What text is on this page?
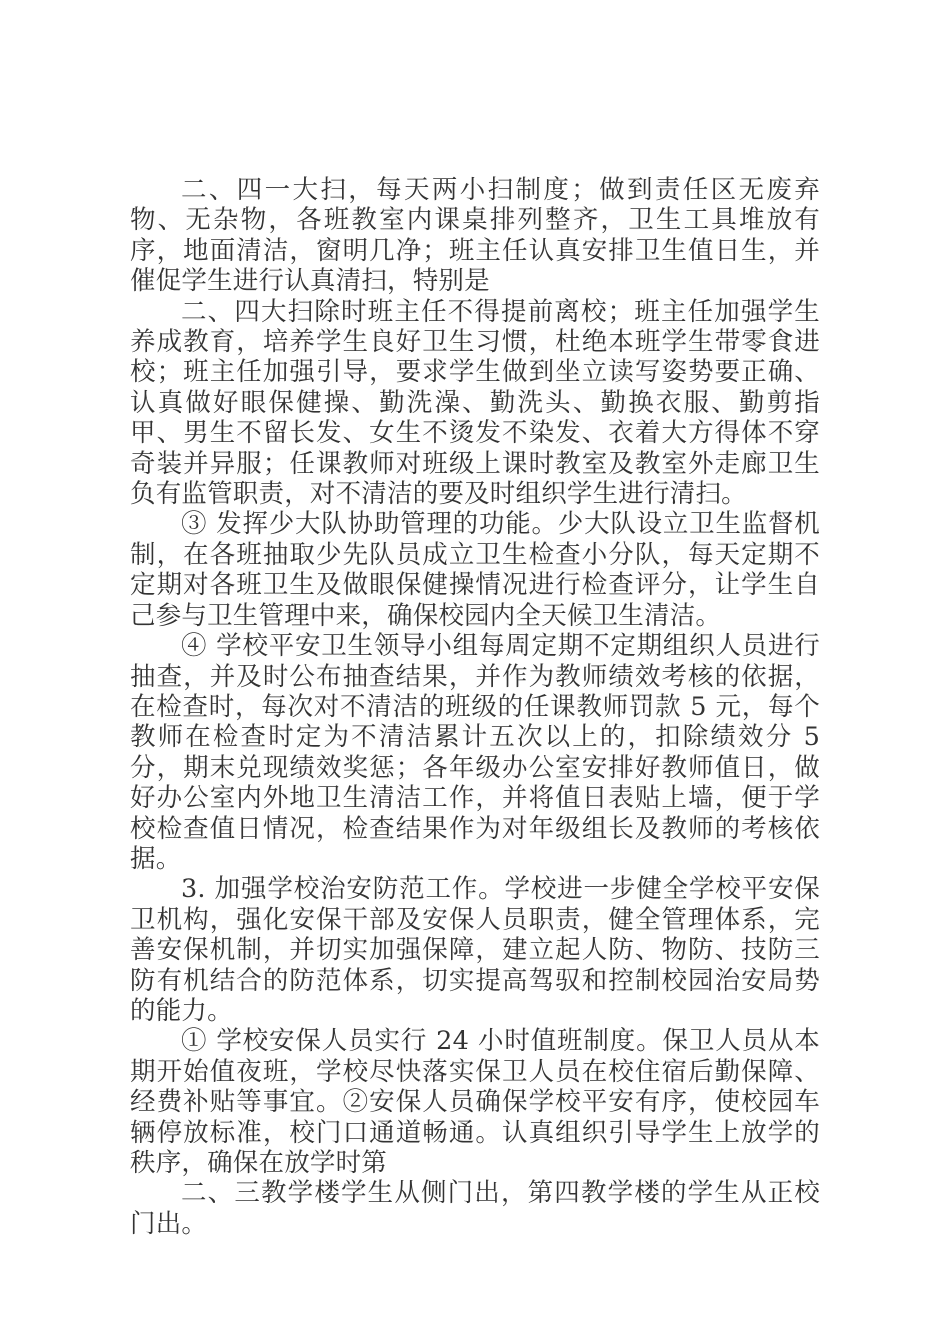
二、四一大扫，每天两小扫制度；做到责任区无废弃物、无杂物，各班教室内课桌排列整齐，卫生工具堆放有序，地面清洁，窗明几净；班主任认真安排卫生值日生，并催促学生进行认真清扫，特别是

二、四大扫除时班主任不得提前离校；班主任加强学生养成教育，培养学生良好卫生习惯，杜绝本班学生带零食进校；班主任加强引导，要求学生做到坐立读写姿势要正确、认真做好眼保健操、勤洗澡、勤洗头、勤换衣服、勤剪指甲、男生不留长发、女生不烫发不染发、衣着大方得体不穿奇装并异服；任课教师对班级上课时教室及教室外走廊卫生负有监管职责，对不清洁的要及时组织学生进行清扫。

③ 发挥少大队协助管理的功能。少大队设立卫生监督机制，在各班抽取少先队员成立卫生检查小分队，每天定期不定期对各班卫生及做眼保健操情况进行检查评分，让学生自己参与卫生管理中来，确保校园内全天候卫生清洁。

④ 学校平安卫生领导小组每周定期不定期组织人员进行抽查，并及时公布抽查结果，并作为教师绩效考核的依据，在检查时，每次对不清洁的班级的任课教师罚款 5 元，每个教师在检查时定为不清洁累计五次以上的，扣除绩效分 5 分，期末兑现绩效奖惩；各年级办公室安排好教师值日，做好办公室内外地卫生清洁工作，并将值日表贴上墙，便于学校检查值日情况，检查结果作为对年级组长及教师的考核依据。

3. 加强学校治安防范工作。学校进一步健全学校平安保卫机构，强化安保干部及安保人员职责，健全管理体系，完善安保机制，并切实加强保障，建立起人防、物防、技防三防有机结合的防范体系，切实提高驾驭和控制校园治安局势的能力。

① 学校安保人员实行 24 小时值班制度。保卫人员从本期开始值夜班，学校尽快落实保卫人员在校住宿后勤保障、经费补贴等事宜。②安保人员确保学校平安有序，使校园车辆停放标准，校门口通道畅通。认真组织引导学生上放学的秩序，确保在放学时第

二、三教学楼学生从侧门出，第四教学楼的学生从正校门出。
